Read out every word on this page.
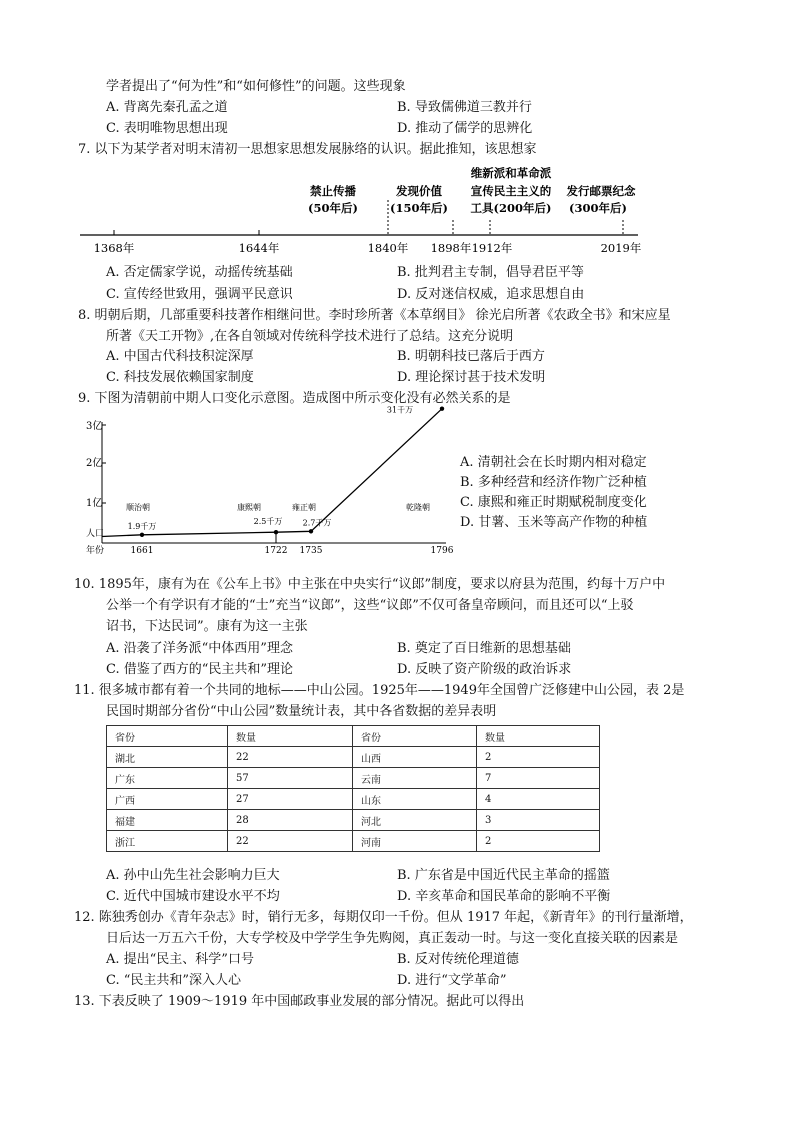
学者提出了“何为性”和“如何修性”的问题。这些现象
A. 背离先秦孔孟之道	B. 导致儒佛道三教并行
C. 表明唯物思想出现	D. 推动了儒学的思辨化
7. 以下为某学者对明末清初一思想家思想发展脉络的认识。据此推知，该思想家
维新派和革命派
禁止传播	发现价值	宣传民主主义的 发行邮票纪念
(50年后)	(150年后) 工具(200年后) (300年后)
1368年	1644年	1840年 1898年 1912年	2019年
A. 否定儒家学说，动摇传统基础	B. 批判君主专制，倡导君臣平等
C. 宣传经世致用，强调平民意识	D. 反对迷信权威，追求思想自由
8. 明朝后期，几部重要科技著作相继问世。李时珍所著《本草纲目》 徐光启所著《农政全书》和宋应星
所著《天工开物》,在各自领域对传统科学技术进行了总结。这充分说明
A. 中国古代科技积淀深厚	B. 明朝科技已落后于西方
C. 科技发展依赖国家制度	D. 理论探讨甚于技术发明
9. 下图为清朝前中期人口变化示意图。造成图中所示变化没有必然关系的是
3亿
2亿
1亿
人口
年份
顺治朝	康熙朝	雍正朝	乾隆朝
1.9千万
1661
2.5千万
1722
2.7千万
1735
31千万
1796
A. 清朝社会在长时期内相对稳定
B. 多种经营和经济作物广泛种植
C. 康熙和雍正时期赋税制度变化
D. 甘薯、玉米等高产作物的种植
10. 1895年，康有为在《公车上书》中主张在中央实行“议郎”制度，要求以府县为范围，约每十万户中
公举一个有学识有才能的“士”充当“议郎”，这些“议郎”不仅可备皇帝顾问，而且还可以“上驳
诏书，下达民词”。康有为这一主张
A. 沿袭了洋务派“中体西用”理念	B. 奠定了百日维新的思想基础
C. 借鉴了西方的“民主共和”理论	D. 反映了资产阶级的政治诉求
11. 很多城市都有着一个共同的地标——中山公园。1925年——1949年全国曾广泛修建中山公园，表 2是
民国时期部分省份“中山公园”数量统计表，其中各省数据的差异表明
省份	数量	省份	数量
湖北	22	山西	2
广东	57	云南	7
广西	27	山东	4
福建	28	河北	3
浙江	22	河南	2
A. 孙中山先生社会影响力巨大	B. 广东省是中国近代民主革命的摇篮
C. 近代中国城市建设水平不均	D. 辛亥革命和国民革命的影响不平衡
12. 陈独秀创办《青年杂志》时，销行无多，每期仅印一千份。但从 1917 年起，《新青年》的刊行量渐增，
日后达一万五六千份，大专学校及中学学生争先购阅，真正轰动一时。与这一变化直接关联的因素是
A. 提出“民主、科学”口号	B. 反对传统伦理道德
C. “民主共和”深入人心	D. 进行“文学革命”
13. 下表反映了 1909～1919 年中国邮政事业发展的部分情况。据此可以得出
